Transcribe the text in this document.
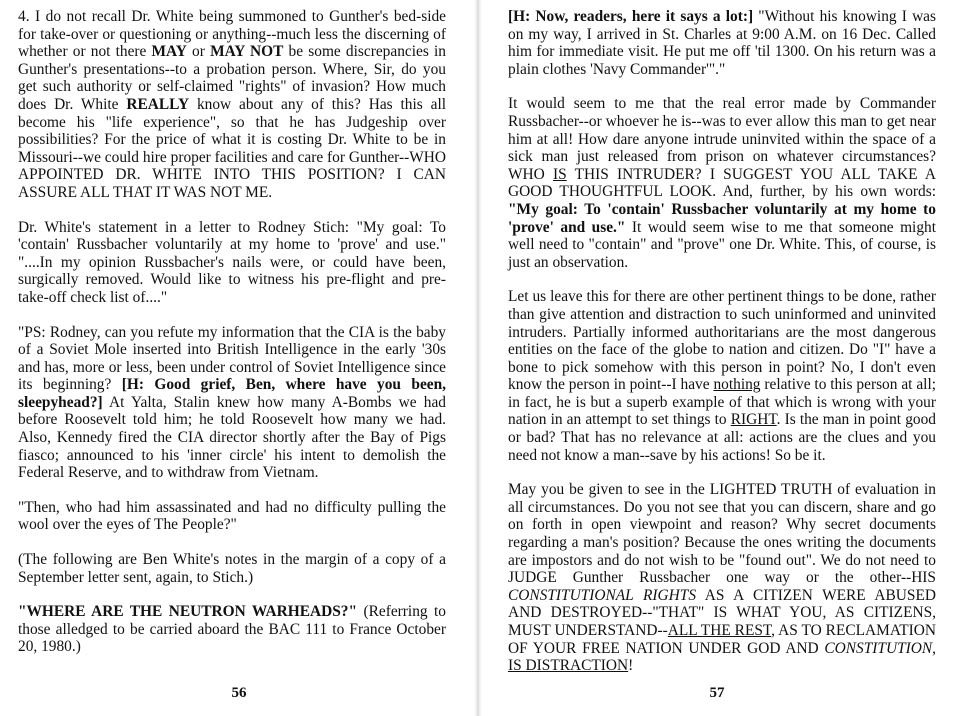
4. I do not recall Dr. White being summoned to Gunther's bed-side for take-over or questioning or anything--much less the discerning of whether or not there MAY or MAY NOT be some discrepancies in Gunther's presentations--to a probation person. Where, Sir, do you get such authority or self-claimed "rights" of invasion? How much does Dr. White REALLY know about any of this? Has this all become his "life experience", so that he has Judgeship over possibilities? For the price of what it is costing Dr. White to be in Missouri--we could hire proper facilities and care for Gunther--WHO APPOINTED DR. WHITE INTO THIS POSITION? I CAN ASSURE ALL THAT IT WAS NOT ME.

Dr. White's statement in a letter to Rodney Stich: "My goal: To 'contain' Russbacher voluntarily at my home to 'prove' and use." "....In my opinion Russbacher's nails were, or could have been, surgically removed. Would like to witness his pre-flight and pre-take-off check list of...."

"PS: Rodney, can you refute my information that the CIA is the baby of a Soviet Mole inserted into British Intelligence in the early '30s and has, more or less, been under control of Soviet Intelligence since its beginning? [H: Good grief, Ben, where have you been, sleepyhead?] At Yalta, Stalin knew how many A-Bombs we had before Roosevelt told him; he told Roosevelt how many we had. Also, Kennedy fired the CIA director shortly after the Bay of Pigs fiasco; announced to his 'inner circle' his intent to demolish the Federal Reserve, and to withdraw from Vietnam.

"Then, who had him assassinated and had no difficulty pulling the wool over the eyes of The People?"

(The following are Ben White's notes in the margin of a copy of a September letter sent, again, to Stich.)

"WHERE ARE THE NEUTRON WARHEADS?" (Referring to those alledged to be carried aboard the BAC 111 to France October 20, 1980.)

56

[H: Now, readers, here it says a lot:] "Without his knowing I was on my way, I arrived in St. Charles at 9:00 A.M. on 16 Dec. Called him for immediate visit. He put me off 'til 1300. On his return was a plain clothes 'Navy Commander'"."

It would seem to me that the real error made by Commander Russbacher--or whoever he is--was to ever allow this man to get near him at all! How dare anyone intrude uninvited within the space of a sick man just released from prison on whatever circumstances? WHO IS THIS INTRUDER? I SUGGEST YOU ALL TAKE A GOOD THOUGHTFUL LOOK. And, further, by his own words: "My goal: To 'contain' Russbacher voluntarily at my home to 'prove' and use." It would seem wise to me that someone might well need to "contain" and "prove" one Dr. White. This, of course, is just an observation.

Let us leave this for there are other pertinent things to be done, rather than give attention and distraction to such uninformed and uninvited intruders. Partially informed authoritarians are the most dangerous entities on the face of the globe to nation and citizen. Do "I" have a bone to pick somehow with this person in point? No, I don't even know the person in point--I have nothing relative to this person at all; in fact, he is but a superb example of that which is wrong with your nation in an attempt to set things to RIGHT. Is the man in point good or bad? That has no relevance at all: actions are the clues and you need not know a man--save by his actions! So be it.

May you be given to see in the LIGHTED TRUTH of evaluation in all circumstances. Do you not see that you can discern, share and go on forth in open viewpoint and reason? Why secret documents regarding a man's position? Because the ones writing the documents are impostors and do not wish to be "found out". We do not need to JUDGE Gunther Russbacher one way or the other--HIS CONSTITUTIONAL RIGHTS AS A CITIZEN WERE ABUSED AND DESTROYED--"THAT" IS WHAT YOU, AS CITIZENS, MUST UNDERSTAND--ALL THE REST, AS TO RECLAMATION OF YOUR FREE NATION UNDER GOD AND CONSTITUTION, IS DISTRACTION!

57
